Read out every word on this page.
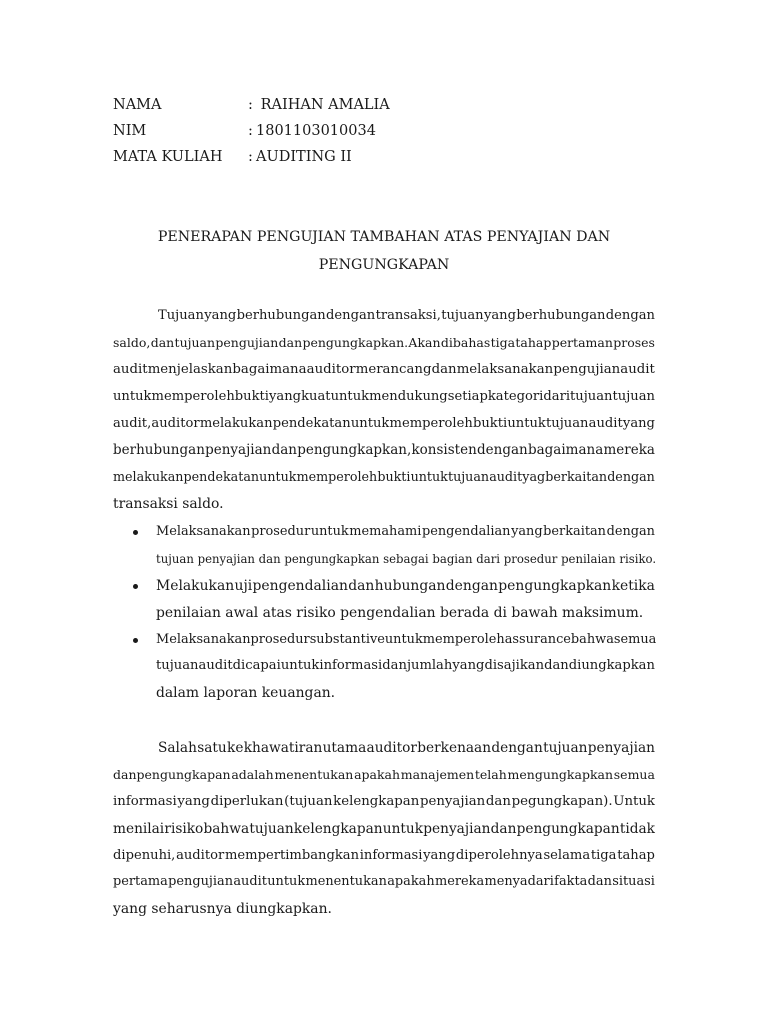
NAMA	: RAIHAN AMALIA
NIM	: 1801103010034
MATA KULIAH	: AUDITING II
PENERAPAN PENGUJIAN TAMBAHAN ATAS PENYAJIAN DAN
PENGUNGKAPAN
Tujuan yang berhubungan dengan transaksi, tujuan yang berhubungan dengan
saldo, dan tujuan pengujian dan pengungkapkan. Akan dibahas tiga tahap pertaman proses
audit menjelaskan bagaimana auditor merancang dan melaksanakan pengujian audit
untuk memperoleh bukti yang kuat untuk mendukung setiap kategori dari tujuan tujuan
audit, auditor melakukan pendekatan untuk memperoleh bukti untuk tujuan audit yang
berhubungan penyajian dan pengungkapkan, konsisten dengan bagaimana mereka
melakukan pendekatan untuk memperoleh bukti untuk tujuan audit yag berkaitan dengan
transaksi saldo.
Melaksanakan prosedur untuk memahami pengendalian yang berkaitan dengan
tujuan penyajian dan pengungkapkan sebagai bagian dari prosedur penilaian risiko.
Melakukan uji pengendalian dan hubungan dengan pengungkapkan ketika
penilaian awal atas risiko pengendalian berada di bawah maksimum.
Melaksanakan prosedur substantive untuk memperoleh assurance bahwa semua
tujuan audit dicapai untuk informasi dan jumlah yang disajikan dan diungkapkan
dalam laporan keuangan.
Salah satu ke khawatiran utama auditor berkenaan dengan tujuan penyajian
danpengungkapan adalah menentukan apakah manajemen telah mengungkapkan semua
informasi yang diperlukan (tujuan kelengkapan penyajian dan pegungkapan). Untuk
menilai risiko bahwa tujuan kelengkapan untuk penyajian dan pengungkapan tidak
dipenuhi, auditor mempertimbangkan informasi yang diperolehnya selama tiga tahap
pertama pengujian audit untuk menentukan apakah mereka menyadari fakta dan situasi
yang seharusnya diungkapkan.
